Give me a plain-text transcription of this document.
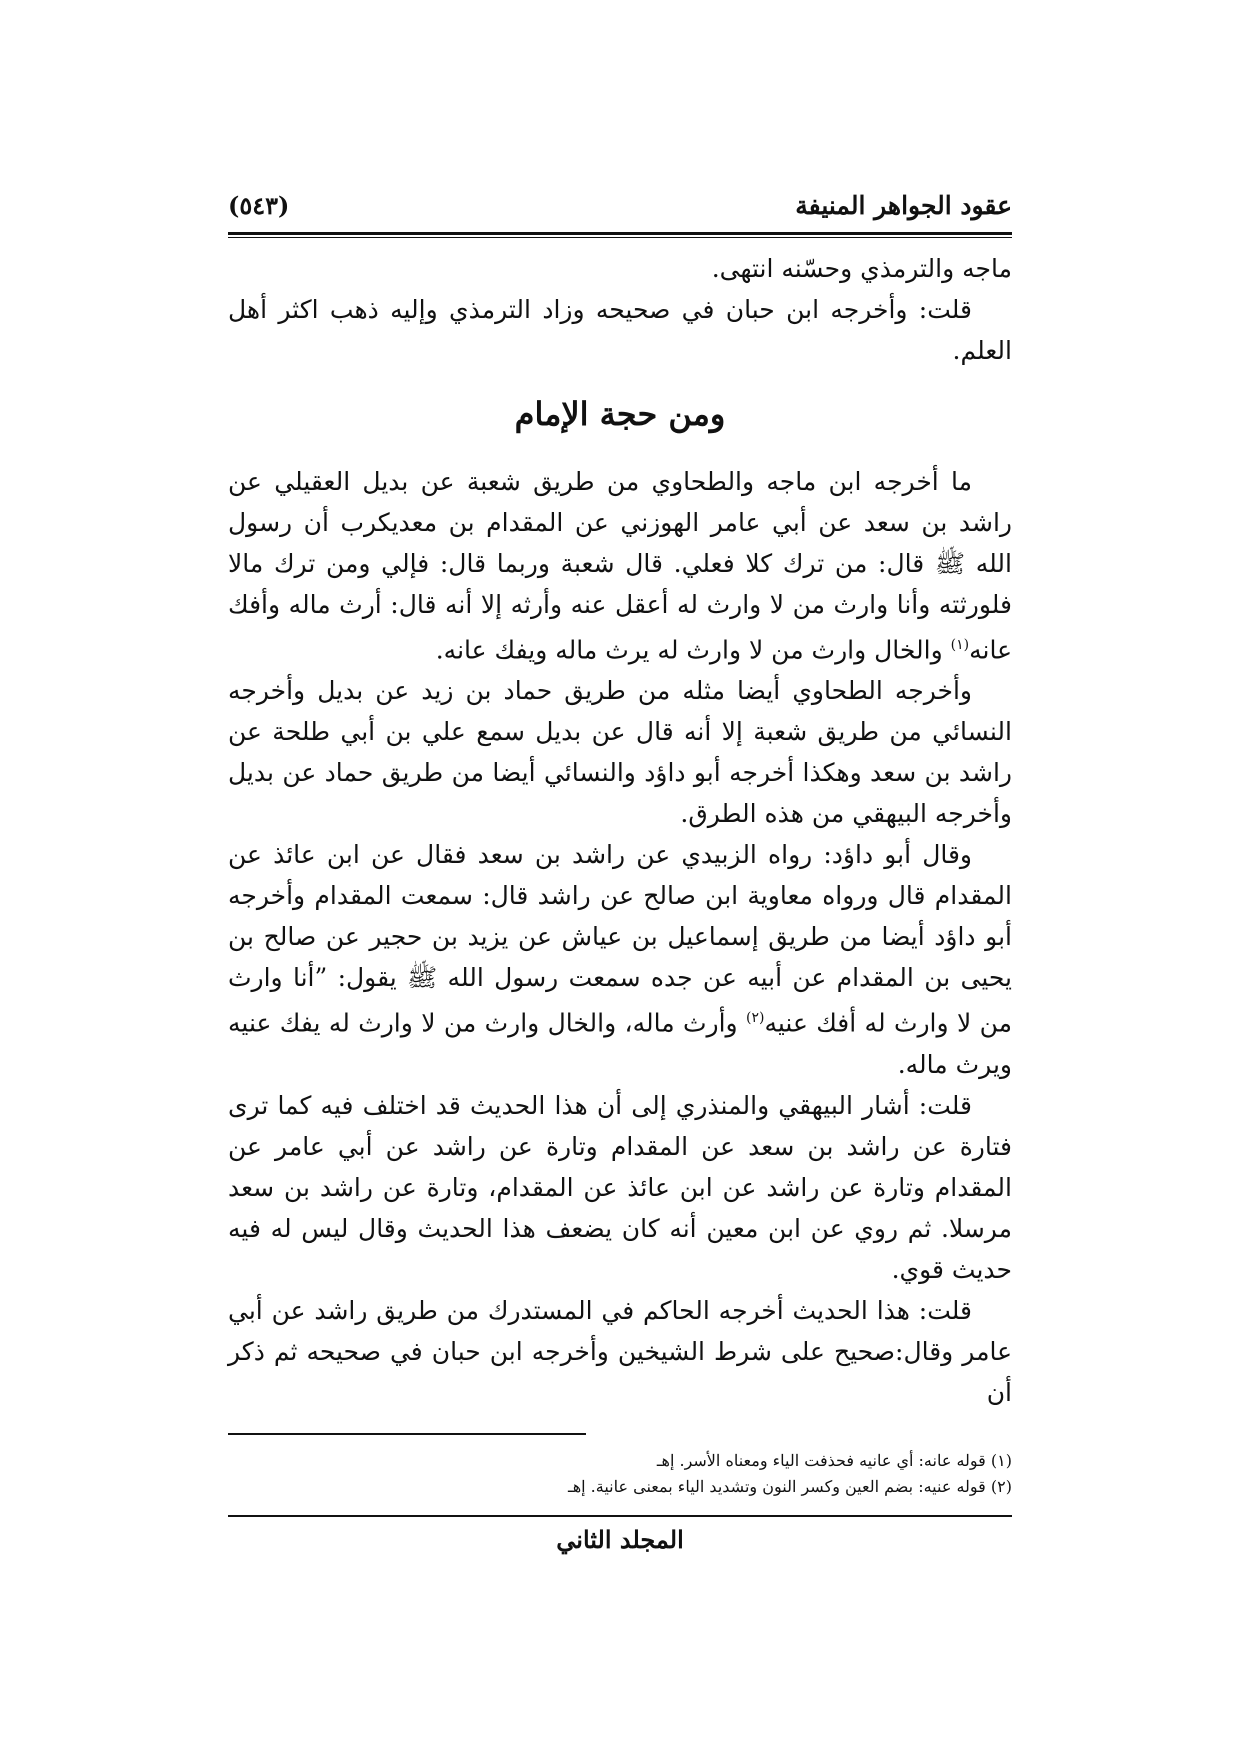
عقود الجواهر المنيفة
(٥٤٣)

ماجه والترمذي وحسّنه انتهى.

قلت: وأخرجه ابن حبان في صحيحه وزاد الترمذي وإليه ذهب اكثر أهل العلم.

ومن حجة الإمام

ما أخرجه ابن ماجه والطحاوي من طريق شعبة عن بديل العقيلي عن راشد بن سعد عن أبي عامر الهوزني عن المقدام بن معديكرب أن رسول الله ﷺ قال: من ترك كلا فعلي. قال شعبة وربما قال: فإلي ومن ترك مالا فلورثته وأنا وارث من لا وارث له أعقل عنه وأرثه إلا أنه قال: أرث ماله وأفك عانه$^{(١)}$ والخال وارث من لا وارث له يرث ماله ويفك عانه.

وأخرجه الطحاوي أيضا مثله من طريق حماد بن زيد عن بديل وأخرجه النسائي من طريق شعبة إلا أنه قال عن بديل سمع علي بن أبي طلحة عن راشد بن سعد وهكذا أخرجه أبو داؤد والنسائي أيضا من طريق حماد عن بديل وأخرجه البيهقي من هذه الطرق.

وقال أبو داؤد: رواه الزبيدي عن راشد بن سعد فقال عن ابن عائذ عن المقدام قال ورواه معاوية ابن صالح عن راشد قال: سمعت المقدام وأخرجه أبو داؤد أيضا من طريق إسماعيل بن عياش عن يزيد بن حجير عن صالح بن يحيى بن المقدام عن أبيه عن جده سمعت رسول الله ﷺ يقول: ”أنا وارث من لا وارث له أفك عنيه$^{(٢)}$ وأرث ماله، والخال وارث من لا وارث له يفك عنيه ويرث ماله.

قلت: أشار البيهقي والمنذري إلى أن هذا الحديث قد اختلف فيه كما ترى فتارة عن راشد بن سعد عن المقدام وتارة عن راشد عن أبي عامر عن المقدام وتارة عن راشد عن ابن عائذ عن المقدام، وتارة عن راشد بن سعد مرسلا. ثم روي عن ابن معين أنه كان يضعف هذا الحديث وقال ليس له فيه حديث قوي.

قلت: هذا الحديث أخرجه الحاكم في المستدرك من طريق راشد عن أبي عامر وقال:صحيح على شرط الشيخين وأخرجه ابن حبان في صحيحه ثم ذكر أن

(١) قوله عانه: أي عانيه فحذفت الياء ومعناه الأسر. إهـ

(٢) قوله عنيه: بضم العين وكسر النون وتشديد الياء بمعنى عانية. إهـ

المجلد الثاني
